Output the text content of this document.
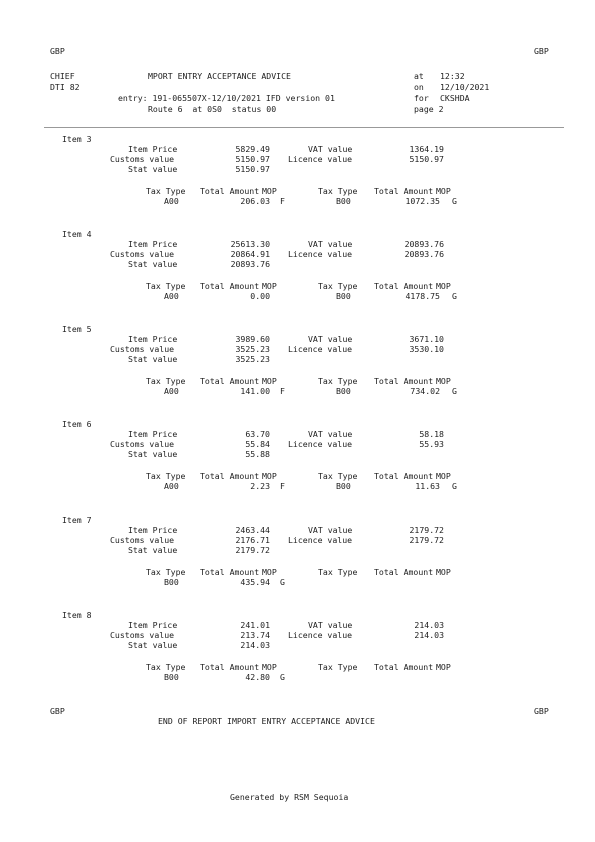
GBP	GBP
CHIEF
DTI 82
MPORT ENTRY ACCEPTANCE ADVICE	at 12:32
on 12/10/2021
for CKSHDA
entry: 191-065507X-12/10/2021 IFD version 01
Route 6  at 0S0  status 00	page 2
Item 3
Item Price	5829.49
Customs value	5150.97
Stat value	5150.97
VAT value	1364.19
Licence value	5150.97
Tax Type Total Amount MOP	Tax Type Total Amount MOP
A00	206.03 F	B00	1072.35 G
Item 4
Item Price	25613.30
Customs value	20864.91
Stat value	20893.76
VAT value	20893.76
Licence value	20893.76
Tax Type Total Amount MOP	Tax Type Total Amount MOP
A00	0.00	B00	4178.75 G
Item 5
Item Price	3989.60
Customs value	3525.23
Stat value	3525.23
VAT value	3671.10
Licence value	3530.10
Tax Type Total Amount MOP	Tax Type Total Amount MOP
A00	141.00 F	B00	734.02 G
Item 6
Item Price	63.70
Customs value	55.84
Stat value	55.88
VAT value	58.18
Licence value	55.93
Tax Type Total Amount MOP	Tax Type Total Amount MOP
A00	2.23 F	B00	11.63 G
Item 7
Item Price	2463.44
Customs value	2176.71
Stat value	2179.72
VAT value	2179.72
Licence value	2179.72
Tax Type Total Amount MOP	Tax Type Total Amount MOP
B00	435.94 G
Item 8
Item Price	241.01
Customs value	213.74
Stat value	214.03
VAT value	214.03
Licence value	214.03
Tax Type Total Amount MOP	Tax Type Total Amount MOP
B00	42.80 G
GBP	GBP
END OF REPORT IMPORT ENTRY ACCEPTANCE ADVICE
Generated by RSM Sequoia
